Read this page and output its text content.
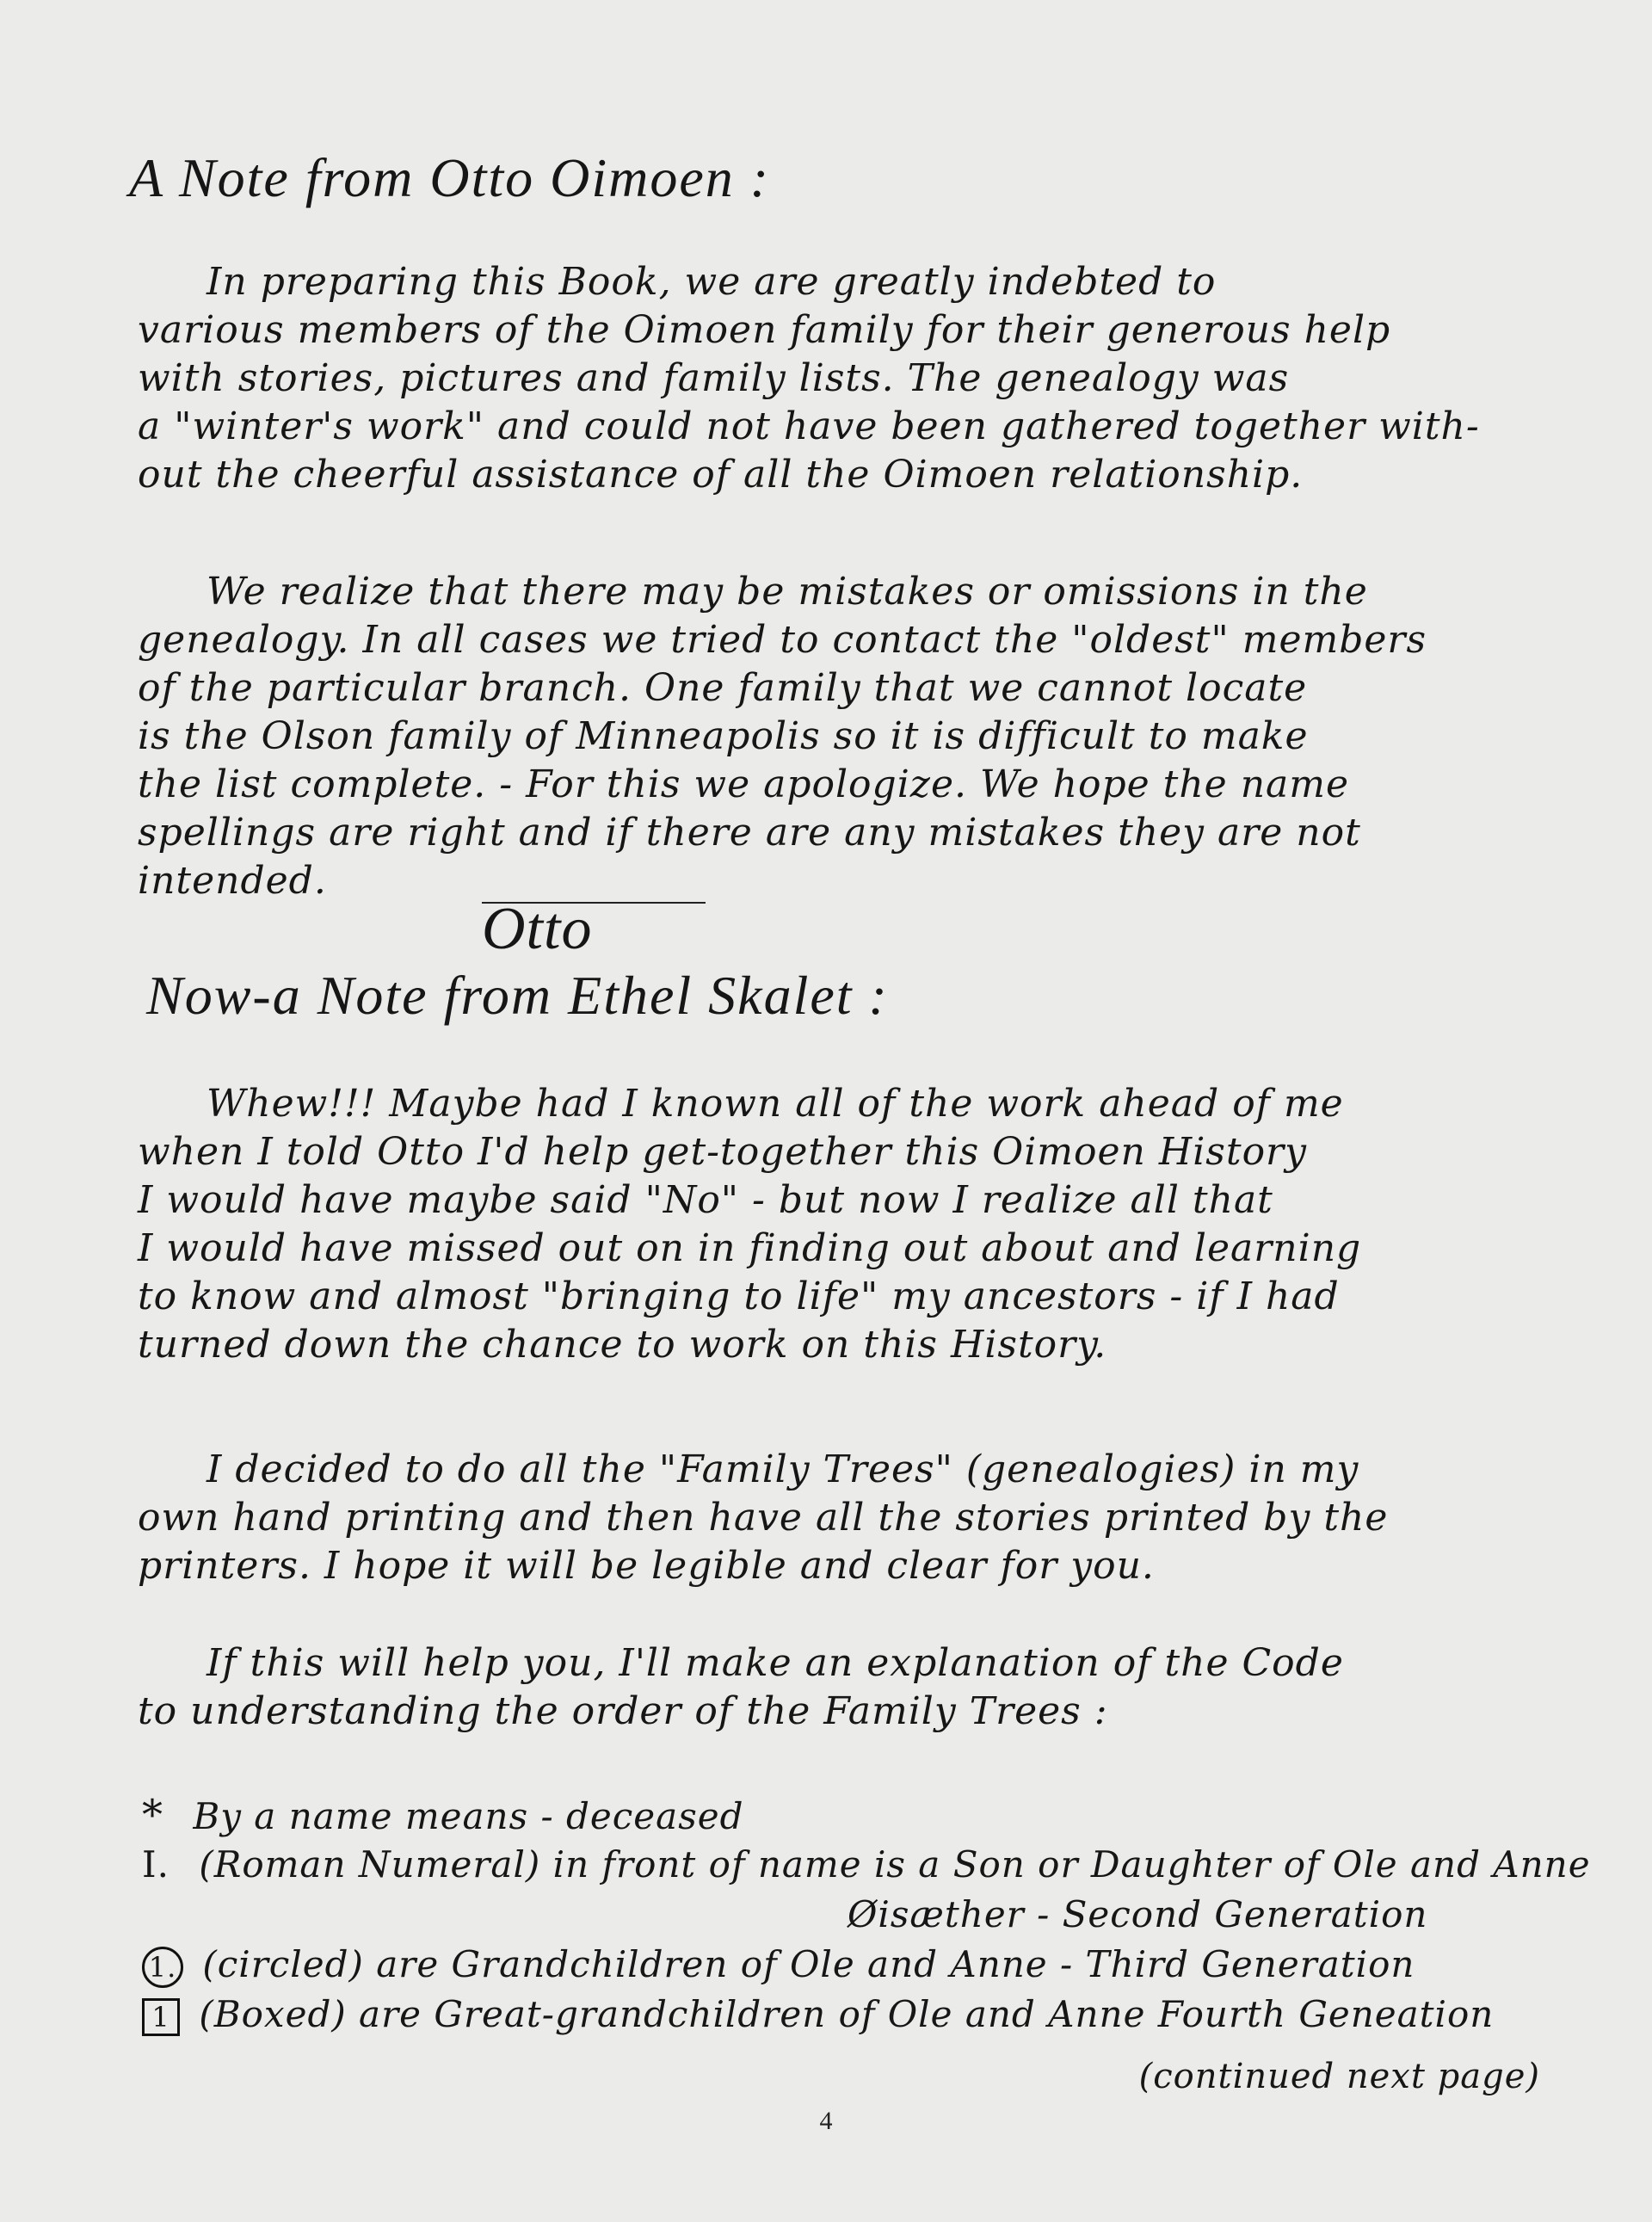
A Note from Otto Oimoen :
In preparing this Book, we are greatly indebted to
various members of the Oimoen family for their generous help
with stories, pictures and family lists. The genealogy was
a "winter's work" and could not have been gathered together with-
out the cheerful assistance of all the Oimoen relationship.
We realize that there may be mistakes or omissions in the
genealogy. In all cases we tried to contact the "oldest" members
of the particular branch. One family that we cannot locate
is the Olson family of Minneapolis so it is difficult to make
the list complete. - For this we apologize. We hope the name
spellings are right and if there are any mistakes they are not
intended.
Otto
Now-a Note from Ethel Skalet :
Whew!!! Maybe had I known all of the work ahead of me
when I told Otto I'd help get-together this Oimoen History
I would have maybe said "No" - but now I realize all that
I would have missed out on in finding out about and learning
to know and almost "bringing to life" my ancestors - if I had
turned down the chance to work on this History.
I decided to do all the "Family Trees" (genealogies) in my
own hand printing and then have all the stories printed by the
printers. I hope it will be legible and clear for you.
If this will help you, I'll make an explanation of the Code
to understanding the order of the Family Trees :
* By a name means - deceased
I. (Roman Numeral) in front of name is a Son or Daughter of Ole and Anne
Øisæther - Second Generation
1. (circled) are Grandchildren of Ole and Anne - Third Generation
1 (Boxed) are Great-grandchildren of Ole and Anne Fourth Geneation
(continued next page)
4
